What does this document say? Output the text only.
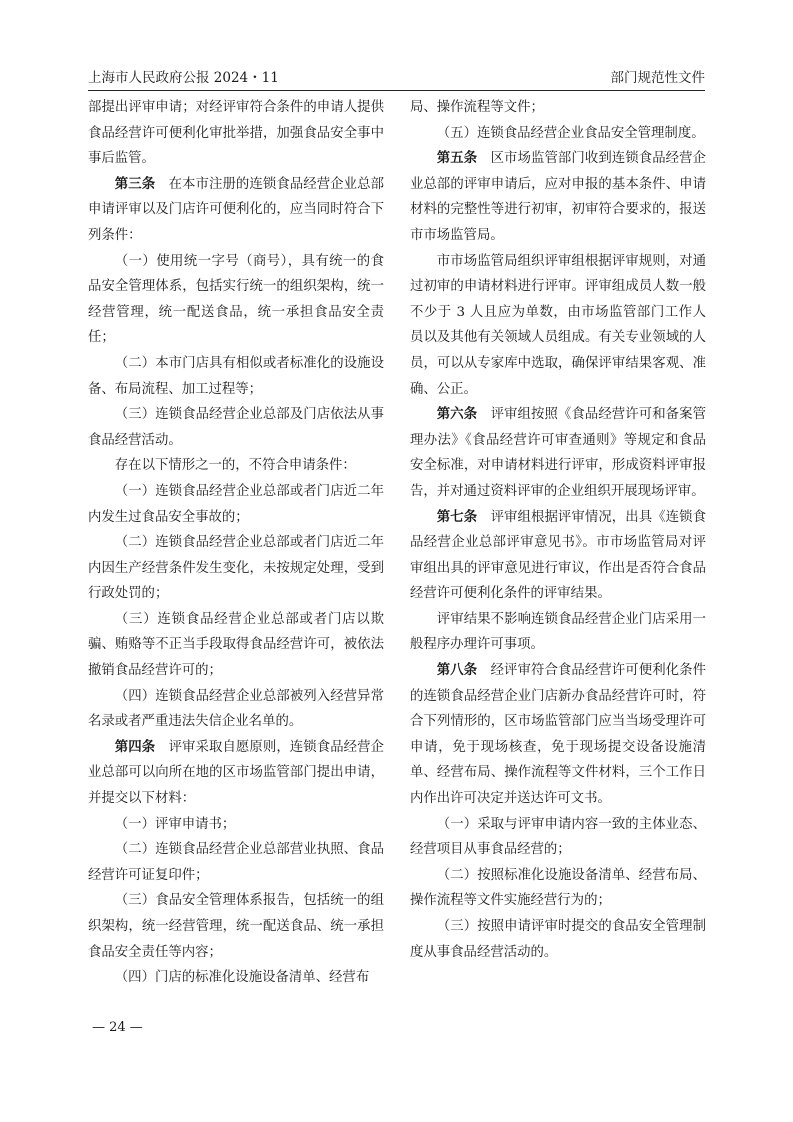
上海市人民政府公报 2024・11	部门规范性文件

部提出评审申请；对经评审符合条件的申请人提供食品经营许可便利化审批举措，加强食品安全事中事后监管。

第三条 在本市注册的连锁食品经营企业总部申请评审以及门店许可便利化的，应当同时符合下列条件：

（一）使用统一字号（商号），具有统一的食品安全管理体系，包括实行统一的组织架构，统一经营管理，统一配送食品，统一承担食品安全责任；

（二）本市门店具有相似或者标准化的设施设备、布局流程、加工过程等；

（三）连锁食品经营企业总部及门店依法从事食品经营活动。

存在以下情形之一的，不符合申请条件：

（一）连锁食品经营企业总部或者门店近二年内发生过食品安全事故的；

（二）连锁食品经营企业总部或者门店近二年内因生产经营条件发生变化，未按规定处理，受到行政处罚的；

（三）连锁食品经营企业总部或者门店以欺骗、贿赂等不正当手段取得食品经营许可，被依法撤销食品经营许可的；

（四）连锁食品经营企业总部被列入经营异常名录或者严重违法失信企业名单的。

第四条 评审采取自愿原则，连锁食品经营企业总部可以向所在地的区市场监管部门提出申请，并提交以下材料：

（一）评审申请书；

（二）连锁食品经营企业总部营业执照、食品经营许可证复印件；

（三）食品安全管理体系报告，包括统一的组织架构，统一经营管理，统一配送食品、统一承担食品安全责任等内容；

（四）门店的标准化设施设备清单、经营布

局、操作流程等文件；

（五）连锁食品经营企业食品安全管理制度。

第五条 区市场监管部门收到连锁食品经营企业总部的评审申请后，应对申报的基本条件、申请材料的完整性等进行初审，初审符合要求的，报送市市场监管局。

市市场监管局组织评审组根据评审规则，对通过初审的申请材料进行评审。评审组成员人数一般不少于 3 人且应为单数，由市场监管部门工作人员以及其他有关领域人员组成。有关专业领域的人员，可以从专家库中选取，确保评审结果客观、准确、公正。

第六条 评审组按照《食品经营许可和备案管理办法》《食品经营许可审查通则》等规定和食品安全标准，对申请材料进行评审，形成资料评审报告，并对通过资料评审的企业组织开展现场评审。

第七条 评审组根据评审情况，出具《连锁食品经营企业总部评审意见书》。市市场监管局对评审组出具的评审意见进行审议，作出是否符合食品经营许可便利化条件的评审结果。

评审结果不影响连锁食品经营企业门店采用一般程序办理许可事项。

第八条 经评审符合食品经营许可便利化条件的连锁食品经营企业门店新办食品经营许可时，符合下列情形的，区市场监管部门应当当场受理许可申请，免于现场核查，免于现场提交设备设施清单、经营布局、操作流程等文件材料，三个工作日内作出许可决定并送达许可文书。

（一）采取与评审申请内容一致的主体业态、经营项目从事食品经营的；

（二）按照标准化设施设备清单、经营布局、操作流程等文件实施经营行为的；

（三）按照申请评审时提交的食品安全管理制度从事食品经营活动的。

— 24 —
